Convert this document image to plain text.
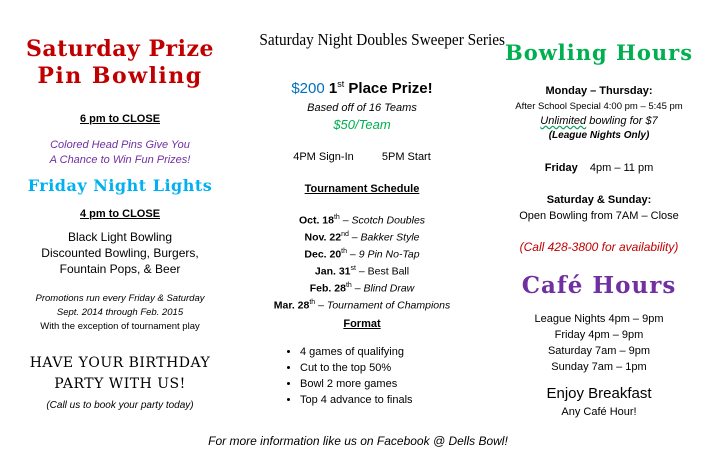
Saturday Prize
Pin Bowling
6 pm to CLOSE
Colored Head Pins Give You
A Chance to Win Fun Prizes!
Friday Night Lights
4 pm to CLOSE
Black Light Bowling
Discounted Bowling, Burgers,
Fountain Pops, & Beer
Promotions run every Friday & Saturday
Sept. 2014 through Feb. 2015
With the exception of tournament play
HAVE YOUR BIRTHDAY
PARTY WITH US!
(Call us to book your party today)
Saturday Night Doubles Sweeper Series
$200 1st Place Prize!
Based off of 16 Teams
$50/Team
4PM Sign-In	5PM Start
Tournament Schedule
Oct. 18th – Scotch Doubles
Nov. 22nd – Bakker Style
Dec. 20th – 9 Pin No-Tap
Jan. 31st – Best Ball
Feb. 28th – Blind Draw
Mar. 28th – Tournament of Champions
Format
• 4 games of qualifying
• Cut to the top 50%
• Bowl 2 more games
• Top 4 advance to finals
Bowling Hours
Monday – Thursday:
After School Special 4:00 pm – 5:45 pm
Unlimited bowling for $7
(League Nights Only)
Friday 4pm – 11 pm
Saturday & Sunday:
Open Bowling from 7AM – Close
(Call 428-3800 for availability)
Café Hours
League Nights 4pm – 9pm
Friday 4pm – 9pm
Saturday 7am – 9pm
Sunday 7am – 1pm
Enjoy Breakfast
Any Café Hour!
For more information like us on Facebook @ Dells Bowl!
